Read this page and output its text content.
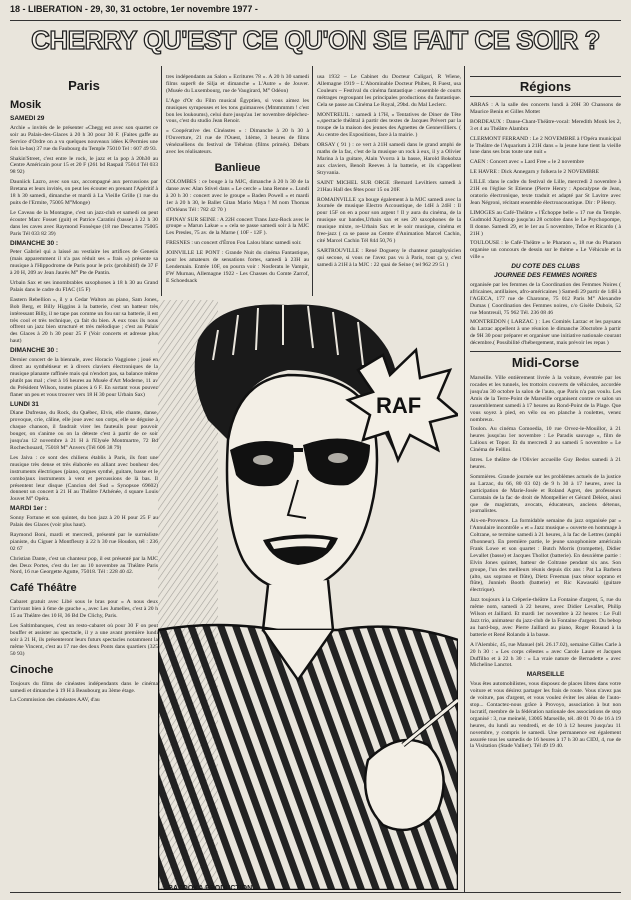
18 - LIBERATION - 29, 30, 31 octobre, 1er novembre 1977 -
CHERRY QU'EST CE QU'ON SE FAIT CE SOIR ?
Paris
Mosik
SAMEDI 29

Archie « invités de le présenter »Chegg est avec son quartet ce soir au Palais-des-Glaces à 20 h 30 pour 30 F. (Faites gaffe au Service d'Ordre on a vu quelques nouveaux idées K/Permies une fois la-bas) 37 rue du Faubourg du Temple 75010 Tel : 607 49 93.

Shakin'Street, c'est entre le rock, le jazz et la pop à 20h30 au Centre Américain pour 15 et 20 F (261 bd Raspail 75014 Tél 033 98 92)

Dauniick Lazro, avec son sax, accompagné aux percussions par Bretana et leurs invités, on peut les écouter en prenant l'Apéritif à 18 h 30 samedi, dimanche et mardi à La Vieille Grille (1 rue du puits de l'Ermite, 75005 M°Monge)

Le Caveau de la Montagne, c'est un jazz-club et samedi on peut écouter Marc Fosset (guit) et Patrice Caratini (basse) à 22 h 30 dans les caves avec Raymond Fonsèque (18 rue Descartes 75005 Paris Tél 033 82 39)

DIMANCHE 30 :

Peter Gabriel qui a laissé au vestiaire les artifices de Genesis (mais apparemment il n'a pas réduit ses « frais ») présente sa musique à l'Hippodrome de Paris pour le prix (prohibitif) de 37 F à 20 H, 209 av Jean Jaurès M° Pte de Pantin.

Urbain Sax et ses innombrables saxophones à 18 h 30 au Grand Palais dans le cadre du FIAC (15 F)

Eastern Rebellion », il y a Cedar Walton au piano, Sam Jones, Bob Berg, et Billy Higgins à la batterie, c'est un batteur très intéressant Billy, il ne tape pas comme un fou sur sa batterie, il est très cool et très technique, ça fait du bien. A eux tous ils nous offrent un jazz bien structuré et très mélodique ; c'est au Palais des Glaces à 20 h 30 pour 25 F (Voir concerts et adresse plus haut)

DIMANCHE 30 :

Dernier concert de la biennale, avec Horacio Vaggione ; joué en direct au synthétiseur et à divers claviers électroniques de la musique planante raffinée mais qui n'endort pas, sa balance même plutôt pas mal ; c'est à 16 heures au Musée d'Art Moderne, 11 av du Président Wilson, toutes places à 6 F. En sortant vous pouvez flaner un peu et vous trouver vers 18 H 30 pour Urbain Sax)

LUNDI 31

Diane Dufresne, du Rock, du Québec, Elvis, elle chante, danse, provoque, crie, câline, elle joue avec son corps, elle se déguise à chaque chanson, il faudrait virer les fauteuils pour pouvoir bouger, on s'anime ou on la déteste c'est à partir de ce soir jusqu'au 12 novembre à 21 H à l'Elysée Montmartre, 72 Bd Rochechouard, 75018 M° Anvers (Tél 606 38 79)

Les Jaiva : ce sont des chiliens établis à Paris, ils font une musique très dense et très élaborée en alliant avec bonheur des instruments électriques (piano, orgues synthé, guitare, basse et le combo)aux instruments à vent et percussions de là bas. Il présentent leur disque (Cancion del Sud » Synopsoe 69602) donnent un concert à 21 H au Théâtre l'Athénée, 4 square Louis Jouvet M° Opéra.

MARDI 1er :

Sonny Fortune et son quintet, du bon jazz à 20 H pour 25 F au Palais des Glaces (voir plus haut).

Raymond Boni, mardi et mercredi, présenté par le surréaliste pianiste, du Ciguer à Montfleury à 22 h 30 rue Houdon, tél : 236 02 67

Christian Dante, c'est un chanteur pop, il est présenté par la MJC des Deux Portes, c'est du 1er au 10 novembre au Théâtre Paris Nord, 16 rue Georgette Agutte, 75018. Tél : 228 40 42.

Café Théâtre

Cabaret gratuit avec Libé sous le bras pour « A nous deux l'arrivant bien à 6me de gauche », avec Les Jumelles, c'est à 20 h 15 au Théâtre des 10 H, 36 Bd De Clichy, Paris.

Les Saltimbanques, c'est un resto-cabaret où pour 30 F on peut bouffer et assister au spectacle, il y a une avant première lundi soir à 21 H, ils présenteront leurs futurs spectacles notamment la même Vincent, c'est au 17 rue des deux Ponts dans quartiers (325 50 93)

Cinoche

Toujours du films de cinéastes indépendants dans le cinéma samedi et dimanche à 19 H à Beaubourg au 3ème étage.

La Commission des cinéastes AAV, d'au

tres indépendants au Salon « Ecritures 78 ». A 20 h 30 samedi films super8 de Silja et dimanche « L'Autre » de Jouver. (Musée du Luxembourg, rue de Vaugirard, M° Odéon)

L'Age d'Or du Film musical Égyptien, si vous aimez les musiques syrupeuses et les tons guimauves (Mmmmmm ! c'est bon les loukoums), celui dure jusqu'au 1er novembre dépêchez-vous, c'est du studio Jean Renoir.

« Coopérative des Cinéastes » : Dimanche à 20 h 30 à l'Ouverture, 21 rue de l'Ouest, 14ème, 3 heures de films vénézuéliens du festival de Téhéran (films primés). Débats avec les réalisateurs.

Banlieue

COLOMBES : ce bouge à la MJC, dimanche à 20 h 30 de la danse avec Alan Stivel dans « Le cercle » lana Renne ». Lundi à 20 h 30 : concert avec le groupe « Baden Powell » et mardi 1er à 20 h 30, le Ballet Gitan Mario Maya ! M nom Thomas d'Orléans Tél : 782 42 70 )

EPINAY SUR SEINE : A 22H concert Trans Jazz-Rock avec le groupe « Marun Lakue » » cela se passe samedi soir à la MJC Les Presles, 75 av. de la Marne ( 10F - 12F ).

FRESNES : un concert d'Étron Fou Lalou blanc samedi soir.

JOINVILLE LE PONT : Grande Nuit du cinéma Fantastique, pour les amateurs de sensations fortes, samedi à 23H au Lendemain. Entrée 10F, on pourra voir : Nosferatu le Vampir, FW Murnau, Allemagne 1922 - Les Chasses du Comte Zarrof, E Schoedsack

usa 1932 – Le Cabinet du Docteur Caligari, R Wiene, Allemagne 1919 – L'Abominable Docteur Phibes, R Fuest, usa Couleurs – Festival du cinéma fantastique : ensemble de courts métrages regroupant les principales productions du fantastique. Cela se passe au Cinéma Le Royal, 29bd. du Mal Leclerc.

MONTREUIL : samedi à 17H, « Tentatives de Diner de Tête »,spectacle théâtral à partir des textes de Jacques Prévert par la troupe de la maison des jeunes des Agnettes de Gennevilliers. ( Au centre des Expositions, face à la mairie. )

ORSAY ( 91 ) : ce vert à 21H samedi dans le grand amphi de maths de la fac, c'est de la musique un rock à eux, il y a Olivier Marina à la guitare, Alain Yvorra à la basse, Harold Bokobza aux claviers, Benoît Reeves à la batterie, et ils s'appellent Stryvania.

SAINT MICHEL SUR ORGE :Bernard Leviltiers samedi à 21Hau Hall des fêtes pour 15 ou 20F.

ROMAINVILLE :ça bouge également à la MJC samedi avec la Journée de musique Electro Accoustique, de 14H à 24H : Il pour 15F on en a pour son argent ! Il y aura du cinéma, de la musique sur bandes,Urbain sax et ses 20 saxophones de la musique mixte, re-Urbain Sax et le soir musique, cinéma et free-jazz ( ca se passe au Centre d'Animation Marcel Cachin, cité Marcel Cachin Tél 844 50,76 )

SARTROUVILLE : René Dogueny le chanteur pataphysicien qui secoue, si vous ne l'avez pas vu à Paris, tout ça y, c'est samedi à 21H à la MJC : 22 quai de Seine ( tel 962 29 51 )

Régions

ARRAS : A la salle des concerts lundi à 20H 30 Chansons de Maurice Benin et Gilles Mottet

BORDEAUX : Danse-Chant-Théâtre-vocal: Meredith Monk les 2, 3 et 4 au Théâtre Alambra

CLERMONT FERRAND : Le 2 NOVEMBRE à l'Opéra municipal le Théâtre de l'Aquarium à 21H dans « la jeune lune tient la vieille lune dans ses bras toute une nuit »

CAEN : Concert avec « Lard Free » le 2 novembre

LE HAVRE : Dick Annegarn y folkera le 2 NOVEMBRE

LILLE :dans le cadre du festival de Lille, mercredi 2 novembre à 21H en l'église St Etienne (Pierre Henry : Apocalypse de Jean, oratorio électronique, texte traduit et adapté par St Lavitre avec Jean Négroni, récitant ensemble électroacoustique. Dir : P Henry.

LIMOGES au Café-Théâtre « l'Échoppe belle » 17 rue du Temple. Gudmold Xaylcoup jusqu'au 28 octobre dans le Le Psychopompe, Il donne. Samedi 29, et le 1er au 5 novembre, Tefoe et Ricardo ( à 21H )

TOULOUSE : le Café-Théâtre « le Pharaon », 18 rue du Pharaon organise un concours de dessin sur le thème « Le Véhicule et la ville »

DU COTE DES CLUBS
JOURNEE DES FEMMES NOIRES

organisée par les femmes de la Coordination des Femmes Noires ( africaines, antillaises, afro-américaines ) Samedi 29 partir de 14H à l'AGECA, 177 rue de Charonne, 75 012 Paris M° Alexandre Dumas ( Coordination des Femmes noires, c/o Gisèle Dubois, 52 rue Montreuil, 75 962 Tél. 236 08 46

MONTREDON ( LARZAC ) : Les Comités Larzac et les paysans du Larzac appellent à une réunion le dimanche 30octobre à partir de 9H 30 pour préparer et organiser une initiative nationale courant décembre.( Possibilité d'hébergement, mais prévoir les repas )

Midi-Corse

Marseille. Ville entièrement livrée à la voiture, éventrée par les rocades et les tunnels, les trottoirs couverts de véhicules, accordée jusqu'au 30 octobre la salon de l'auto, que Paris n'a pas voulu. Les Amis de la Terre-Point de Marseille organisent contre ce salon un rassemblement samedi à 17 heures au Rond-Point de la Plage. Que vous soyez à pied, en vélo ou en planche à roulettes, venez nombreux.

Toulon. Au cinéma Comoedia, 10 rue Orvez-le-Mouillor, à 21 heures jusqu'au 1er novembre : Le Paradis sauvage », film de Lalioux et Topor. Et du mercredi 2 au samedi 5 novembre « Le Cinéma de Fellini.

Istres. Le théâtre de l'Olivier accueille Guy Bedos samedi à 21 heures.

Sommières. Grande journée sur les problèmes actuels de la justice au Larzac, du 66, 80 03 02) de 9 h 30 à 17 heures, avec la participation de Marie-Josée et Roland Agret, des professeurs Curratain de la fac de droit de Montpellier et Gérard Déléot, ainsi que de magistrats, avocats, éducateurs, anciens détenus, journalistes.

Aix-en-Provence. La formidable semaine du jazz organisée par « l'Annulaire incontrôle » et « Jazz musique » ouverte en hommage à Coltrane, se termine samedi à 21 heures, à la fac de Lettres (amphi d'honneur). En première partie, le jeune saxophoniste américain Frank Lowe et son quartet : Butch Morris (trompette), Didier Levallet (basse) et Jacques Thollot (batterie). En deuxième partie : Elvin Jones quintet, batteur de Coltrane pendant six ans. Son groupe, l'un des meilleurs réunis depuis dix ans : Pat La Barbera (alto, sax soprano et flûte), Dietz Freeman (sax ténor soprano et flûte), Junnieh Booth (batterie) et Ric Kawasaki (guitare électrique).

Jazz toujours à la Crêperie-théâtre La Fontaine d'argent, 5, rue du même nom, samedi à 22 heures, avec Didier Levallet, Philip Wilson et Jaillard. Et mardi 1er novembre à 22 heures : Le Full Jazz trio, animateur du jazz-club de la Fontaine d'argent. Du bebop au hard-bop, avec Pierre Jaillard au piano, Roger Rouaud à la batterie et René Rolando à la basse.

A l'Alembic, 45, rue Manuel (tél. 26.17.02), semaine Gilles Carle à 20 h 30 : « Les corps célestes » avec Carole Laure et Jacques Duffilho et à 22 h 30 : « La vraie nature de Bernadette » avec Micheline Lanctot.

MARSEILLE

Vous êtes automobilistes, vous disposez de places libres dans votre voiture et vous désirez partager les frais de route. Vous n'avez pas de voiture, pas d'argent, et vous voulez éviter les aléas de l'auto-stop... Contactez-nous grâce à Provoyo, association à but non lucratif, membre de la fédération nationale des associations de stop organisé : 3, rue meinelé, 13005 Marseille, tél. 48 01 70 de 16 à 19 heures, du lundi au vendredi, et de 10 à 12 heures jusqu'au 11 novembre, y compris le samedi. Une permanence est également assurée tous les samedis de 16 heures à 17 h 30 au CIDJ, 4, rue de la Visitation (Stade Vallier). Tél 49 19 40.

RAF
BAZOOKA PRODUCTION
